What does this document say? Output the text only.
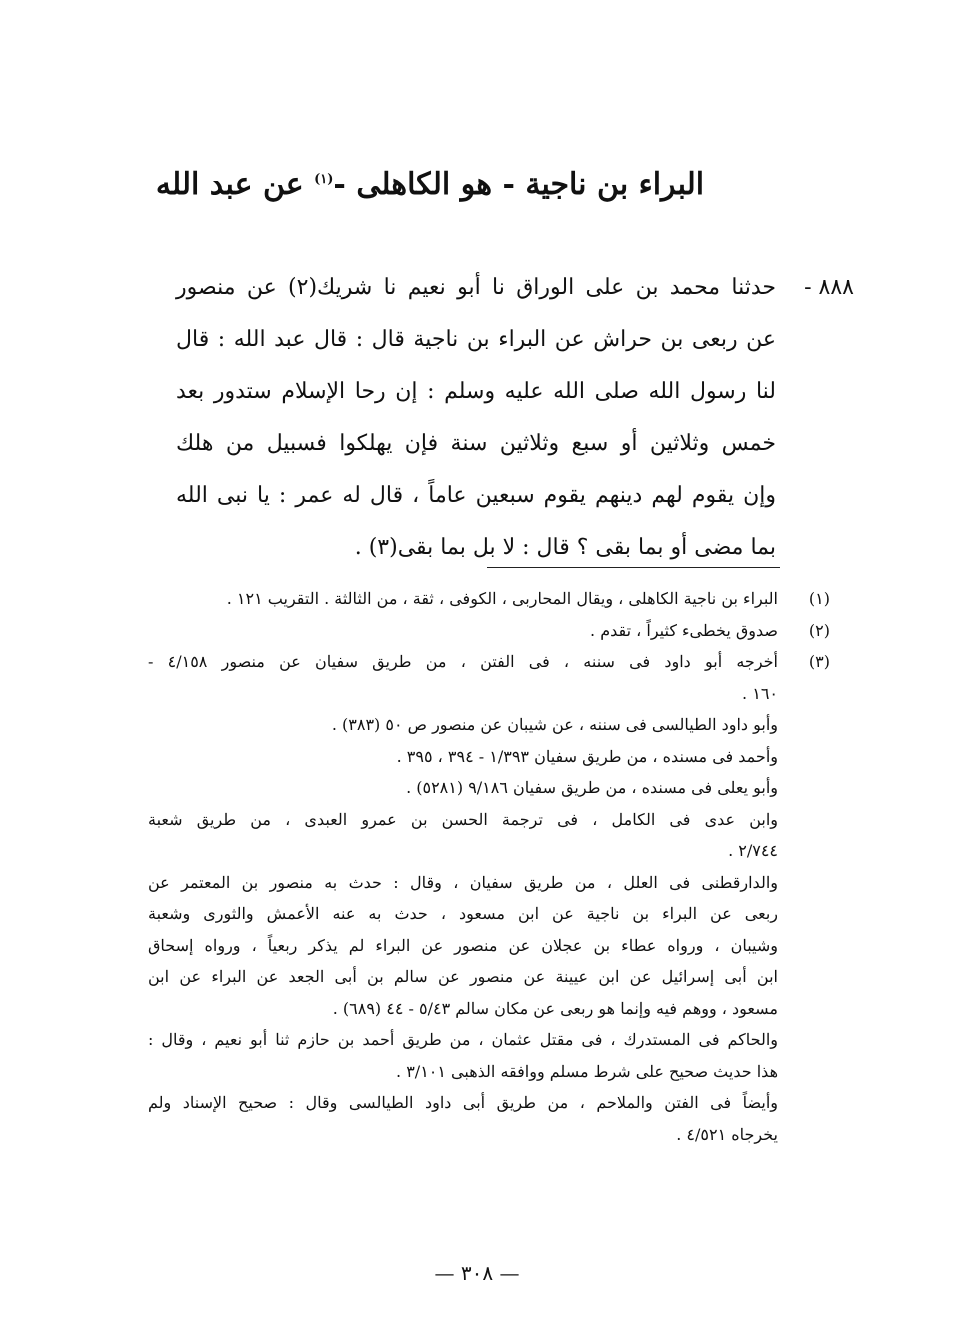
البراء بن ناجية - هو الكاهلى -$^{(١)}$ عن عبد الله
٨٨٨ -
حدثنا محمد بن على الوراق نا أبو نعيم نا شريك(٢) عن منصور
عن ربعى بن حراش عن البراء بن ناجية قال : قال عبد الله : قال
لنا رسول الله صلى الله عليه وسلم : إن رحا الإسلام ستدور بعد
خمس وثلاثين أو سبع وثلاثين سنة فإن يهلكوا فسبيل من هلك
وإن يقوم لهم دينهم يقوم سبعين عاماً ، قال له عمر : يا نبى الله
بما مضى أو بما بقى ؟ قال : لا بل بما بقى(٣) .
(١)
البراء بن ناجية الكاهلى ، ويقال المحاربى ، الكوفى ، ثقة ، من الثالثة . التقريب ١٢١ .
(٢)
صدوق يخطىء كثيراً ، تقدم .
(٣)
أخرجه أبو داود فى سننه ، فى الفتن ، من طريق سفيان عن منصور ٤/١٥٨ -
١٦٠ .
وأبو داود الطيالسى فى سننه ، عن شيبان عن منصور ص ٥٠ (٣٨٣) .
وأحمد فى مسنده ، من طريق سفيان ١/٣٩٣ - ٣٩٤ ، ٣٩٥ .
وأبو يعلى فى مسنده ، من طريق سفيان ٩/١٨٦ (٥٢٨١) .
وابن عدى فى الكامل ، فى ترجمة الحسن بن عمرو العبدى ، من طريق شعبة
٢/٧٤٤ .
والدارقطنى فى العلل ، من طريق سفيان ، وقال : حدث به منصور بن المعتمر عن
ربعى عن البراء بن ناجية عن ابن مسعود ، حدث به عنه الأعمش والثورى وشعبة
وشيبان ، ورواه عطاء بن عجلان عن منصور عن البراء لم يذكر ربعياً ، ورواه إسحاق
ابن أبى إسرائيل عن ابن عيينة عن منصور عن سالم بن أبى الجعد عن البراء عن ابن
مسعود ، ووهم فيه وإنما هو ربعى عن مكان سالم ٥/٤٣ - ٤٤ (٦٨٩) .
والحاكم فى المستدرك ، فى مقتل عثمان ، من طريق أحمد بن حازم ثنا أبو نعيم ، وقال :
هذا حديث صحيح على شرط مسلم ووافقه الذهبى ٣/١٠١ .
وأيضاً فى الفتن والملاحم ، من طريق أبى داود الطيالسى وقال : صحيح الإسناد ولم
يخرجاه ٤/٥٢١ .
— ٣٠٨ —
